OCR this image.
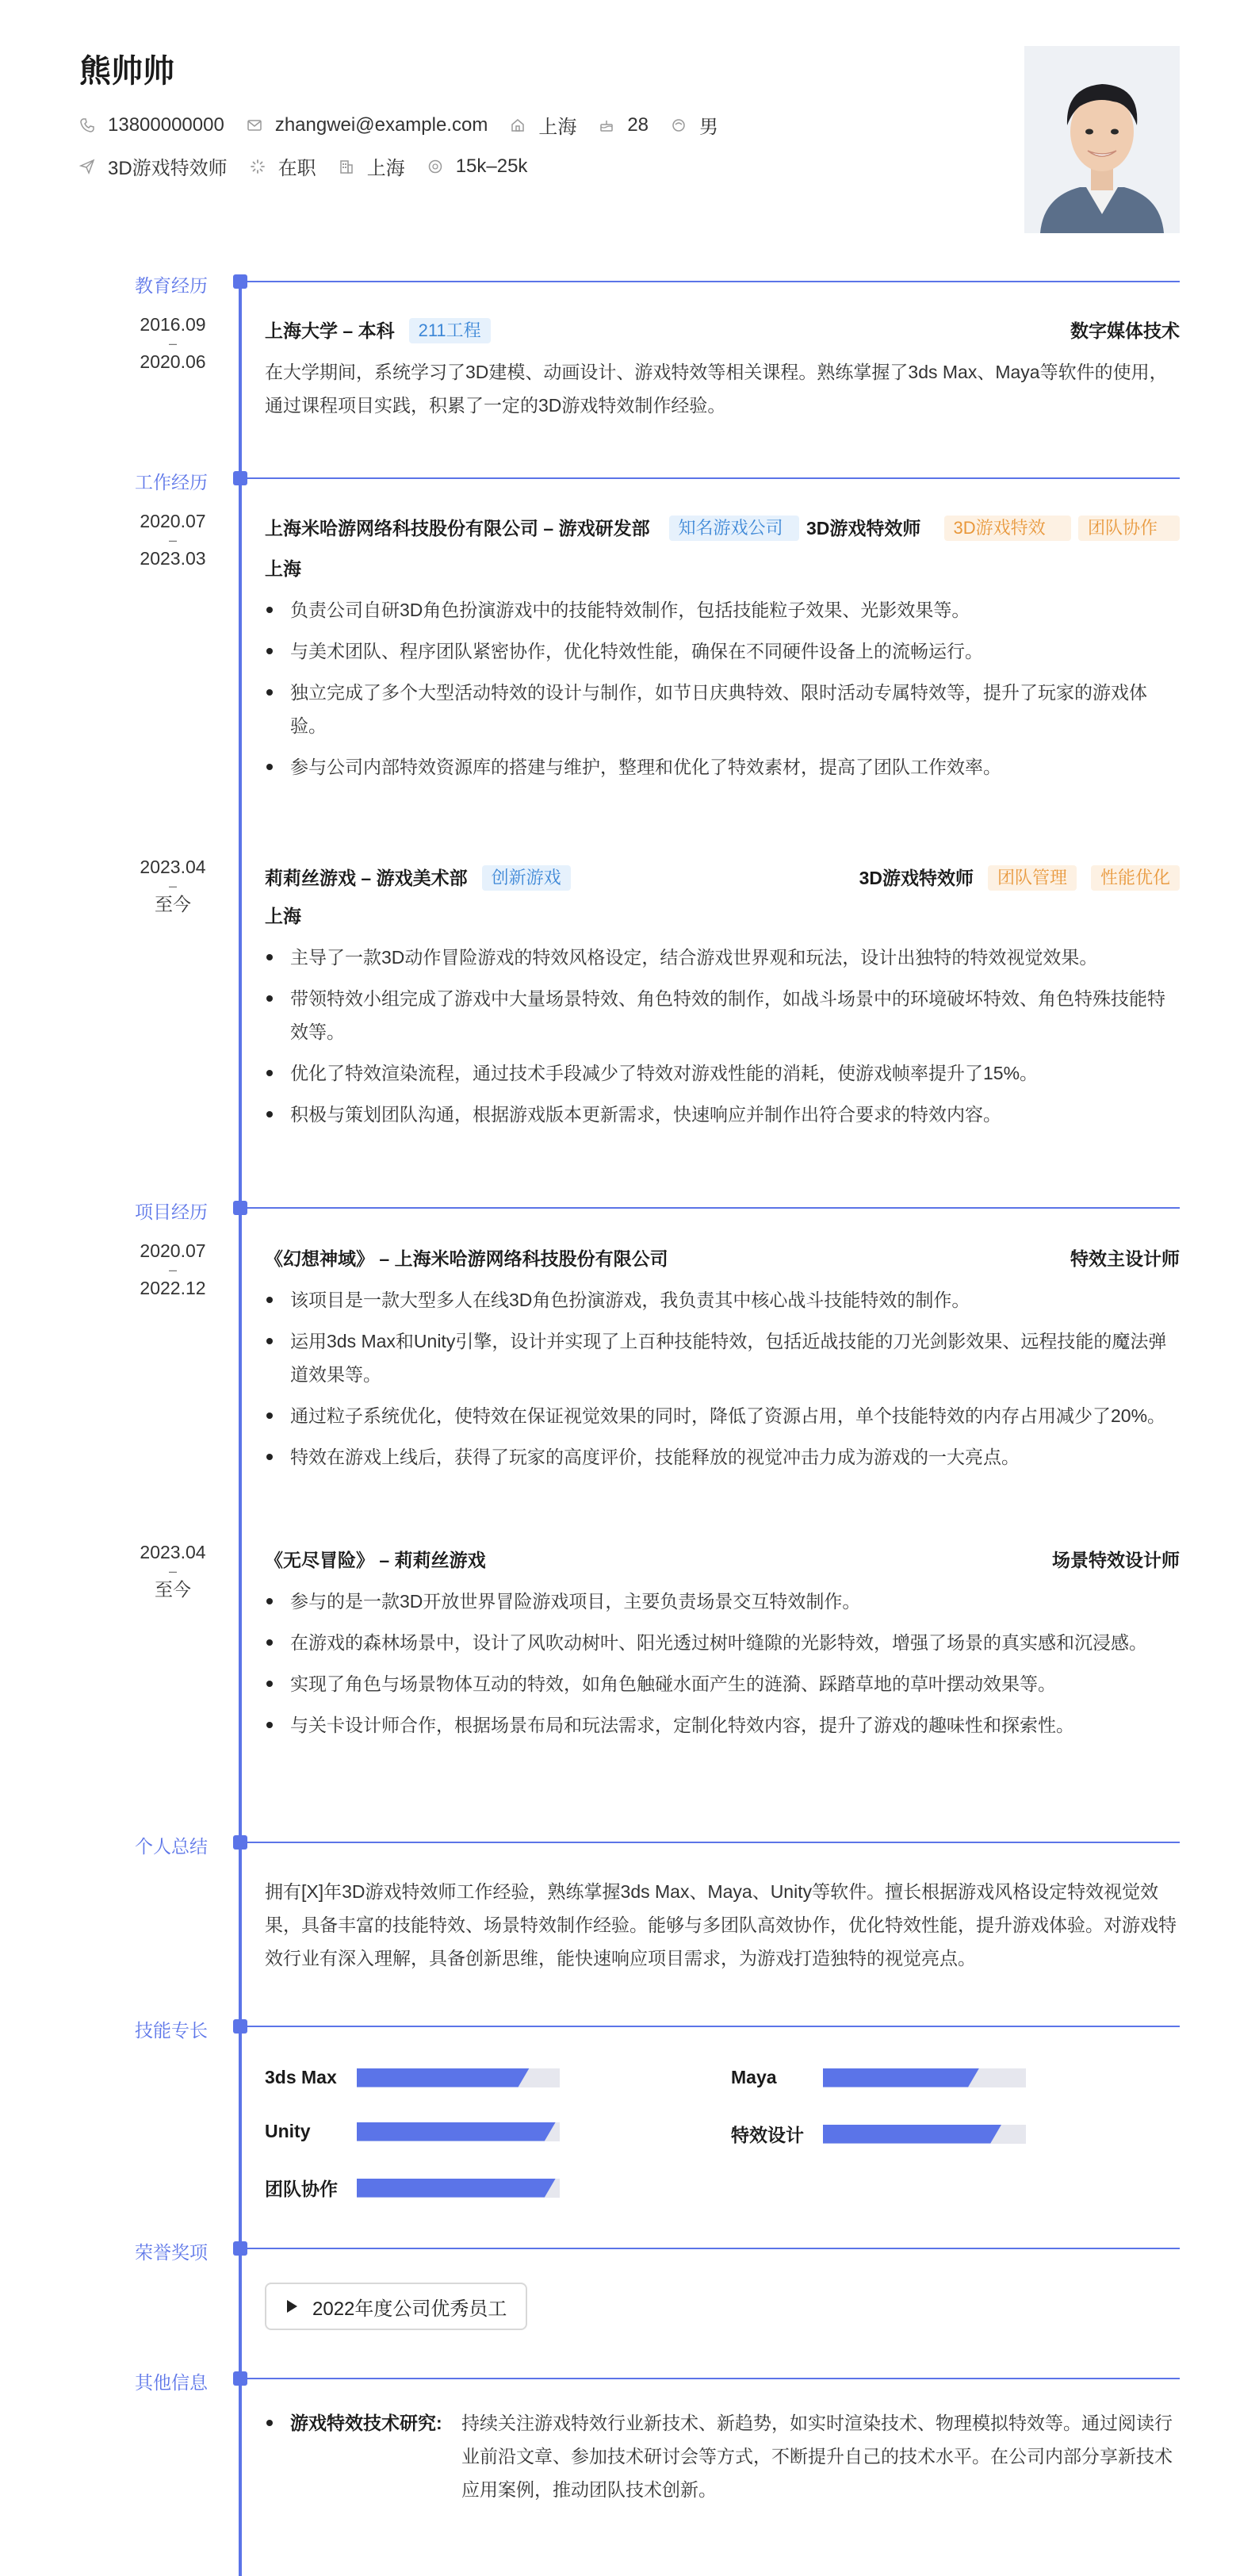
熊帅帅
13800000000	zhangwei@example.com	上海	28	男
3D游戏特效师	在职	上海	15k–25k
教育经历
2016.09
–
2020.06
上海大学 – 本科	211工程	数字媒体技术
在大学期间，系统学习了3D建模、动画设计、游戏特效等相关课程。熟练掌握了3ds Max、Maya等软件的使用，通过课程项目实践，积累了一定的3D游戏特效制作经验。
工作经历
2020.07
–
2023.03
上海米哈游网络科技股份有限公司 – 游戏研发部	知名游戏公司	3D游戏特效师	3D游戏特效	团队协作
上海
负责公司自研3D角色扮演游戏中的技能特效制作，包括技能粒子效果、光影效果等。
与美术团队、程序团队紧密协作，优化特效性能，确保在不同硬件设备上的流畅运行。
独立完成了多个大型活动特效的设计与制作，如节日庆典特效、限时活动专属特效等，提升了玩家的游戏体验。
参与公司内部特效资源库的搭建与维护，整理和优化了特效素材，提高了团队工作效率。
2023.04
–
至今
莉莉丝游戏 – 游戏美术部	创新游戏	3D游戏特效师	团队管理	性能优化
上海
主导了一款3D动作冒险游戏的特效风格设定，结合游戏世界观和玩法，设计出独特的特效视觉效果。
带领特效小组完成了游戏中大量场景特效、角色特效的制作，如战斗场景中的环境破坏特效、角色特殊技能特效等。
优化了特效渲染流程，通过技术手段减少了特效对游戏性能的消耗，使游戏帧率提升了15%。
积极与策划团队沟通，根据游戏版本更新需求，快速响应并制作出符合要求的特效内容。
项目经历
2020.07
–
2022.12
《幻想神域》 – 上海米哈游网络科技股份有限公司	特效主设计师
该项目是一款大型多人在线3D角色扮演游戏，我负责其中核心战斗技能特效的制作。
运用3ds Max和Unity引擎，设计并实现了上百种技能特效，包括近战技能的刀光剑影效果、远程技能的魔法弹道效果等。
通过粒子系统优化，使特效在保证视觉效果的同时，降低了资源占用，单个技能特效的内存占用减少了20%。
特效在游戏上线后，获得了玩家的高度评价，技能释放的视觉冲击力成为游戏的一大亮点。
2023.04
–
至今
《无尽冒险》 – 莉莉丝游戏	场景特效设计师
参与的是一款3D开放世界冒险游戏项目，主要负责场景交互特效制作。
在游戏的森林场景中，设计了风吹动树叶、阳光透过树叶缝隙的光影特效，增强了场景的真实感和沉浸感。
实现了角色与场景物体互动的特效，如角色触碰水面产生的涟漪、踩踏草地的草叶摆动效果等。
与关卡设计师合作，根据场景布局和玩法需求，定制化特效内容，提升了游戏的趣味性和探索性。
个人总结
拥有[X]年3D游戏特效师工作经验，熟练掌握3ds Max、Maya、Unity等软件。擅长根据游戏风格设定特效视觉效果，具备丰富的技能特效、场景特效制作经验。能够与多团队高效协作，优化特效性能，提升游戏体验。对游戏特效行业有深入理解，具备创新思维，能快速响应项目需求，为游戏打造独特的视觉亮点。
技能专长
3ds Max	Maya
Unity	特效设计
团队协作
荣誉奖项
2022年度公司优秀员工
其他信息
游戏特效技术研究: 持续关注游戏特效行业新技术、新趋势，如实时渲染技术、物理模拟特效等。通过阅读行业前沿文章、参加技术研讨会等方式，不断提升自己的技术水平。在公司内部分享新技术应用案例，推动团队技术创新。
